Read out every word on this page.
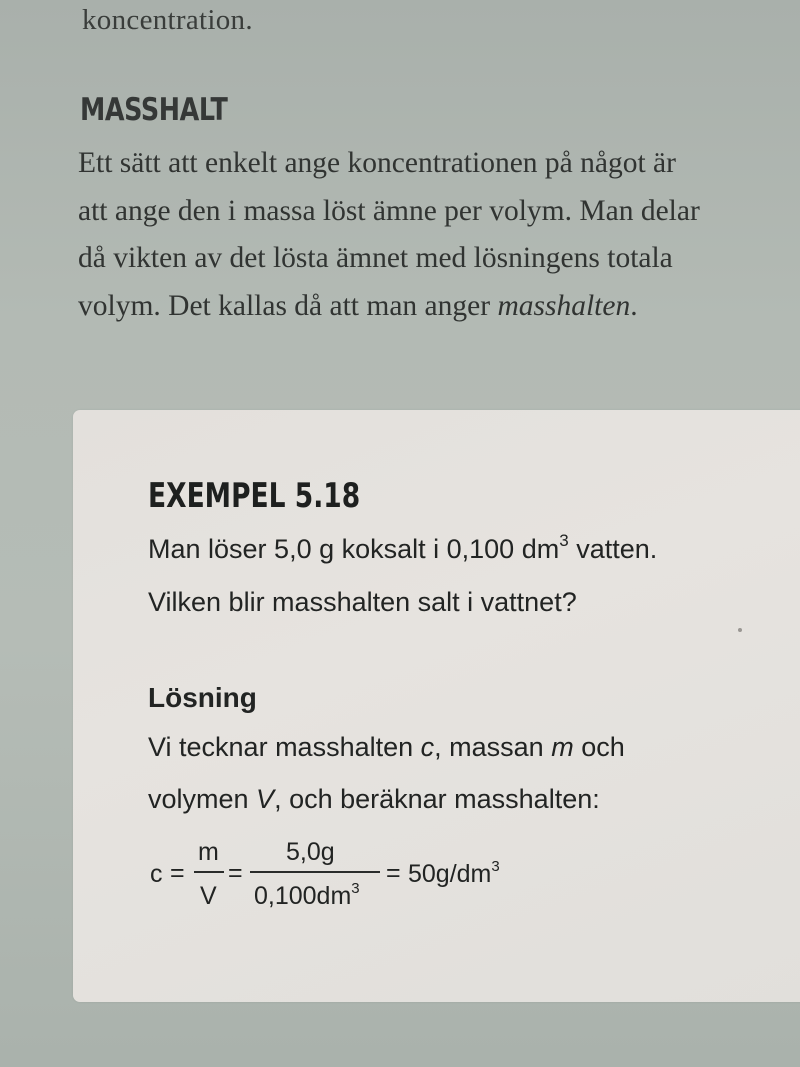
koncentration.
MASSHALT
Ett sätt att enkelt ange koncentrationen på något är
att ange den i massa löst ämne per volym. Man delar
då vikten av det lösta ämnet med lösningens totala
volym. Det kallas då att man anger masshalten.
EXEMPEL 5.18
Man löser 5,0 g koksalt i 0,100 $dm^3$ vatten.
Vilken blir masshalten salt i vattnet?
Lösning
Vi tecknar masshalten c, massan m och
volymen V, och beräknar masshalten:
c =
m
V
=
5,0g
$0,100dm^3$
= $50g/dm^3$
